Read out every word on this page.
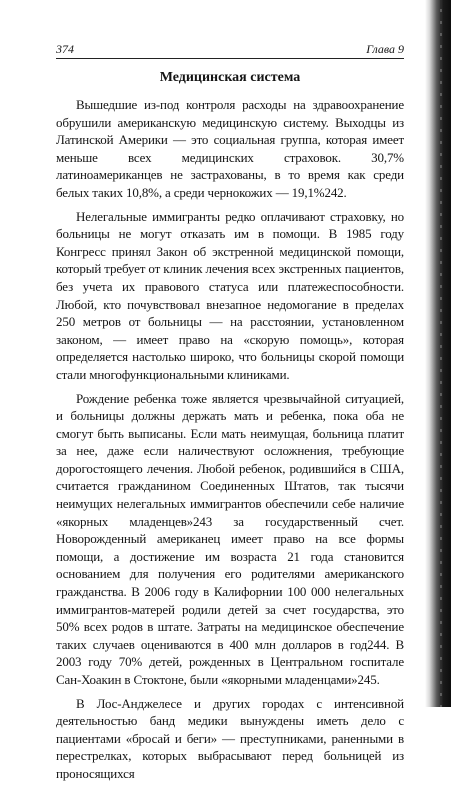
374	Глава 9
Медицинская система

Вышедшие из-под контроля расходы на здравоохранение обрушили американскую медицинскую систему. Выходцы из Латинской Америки — это социальная группа, которая имеет меньше всех медицинских страховок. 30,7% латиноамериканцев не застрахованы, в то время как среди белых таких 10,8%, а среди чернокожих — 19,1%242.

Нелегальные иммигранты редко оплачивают страховку, но больницы не могут отказать им в помощи. В 1985 году Конгресс принял Закон об экстренной медицинской помощи, который требует от клиник лечения всех экстренных пациентов, без учета их правового статуса или платежеспособности. Любой, кто почувствовал внезапное недомогание в пределах 250 метров от больницы — на расстоянии, установленном законом, — имеет право на «скорую помощь», которая определяется настолько широко, что больницы скорой помощи стали многофункциональными клиниками.

Рождение ребенка тоже является чрезвычайной ситуацией, и больницы должны держать мать и ребенка, пока оба не смогут быть выписаны. Если мать неимущая, больница платит за нее, даже если наличествуют осложнения, требующие дорогостоящего лечения. Любой ребенок, родившийся в США, считается гражданином Соединенных Штатов, так тысячи неимущих нелегальных иммигрантов обеспечили себе наличие «якорных младенцев»243 за государственный счет. Новорожденный американец имеет право на все формы помощи, а достижение им возраста 21 года становится основанием для получения его родителями американского гражданства. В 2006 году в Калифорнии 100 000 нелегальных иммигрантов-матерей родили детей за счет государства, это 50% всех родов в штате. Затраты на медицинское обеспечение таких случаев оцениваются в 400 млн долларов в год244. В 2003 году 70% детей, рожденных в Центральном госпитале Сан-Хоакин в Стоктоне, были «якорными младенцами»245.

В Лос-Анджелесе и других городах с интенсивной деятельностью банд медики вынуждены иметь дело с пациентами «бросай и беги» — преступниками, раненными в перестрелках, которых выбрасывают перед больницей из проносящихся
